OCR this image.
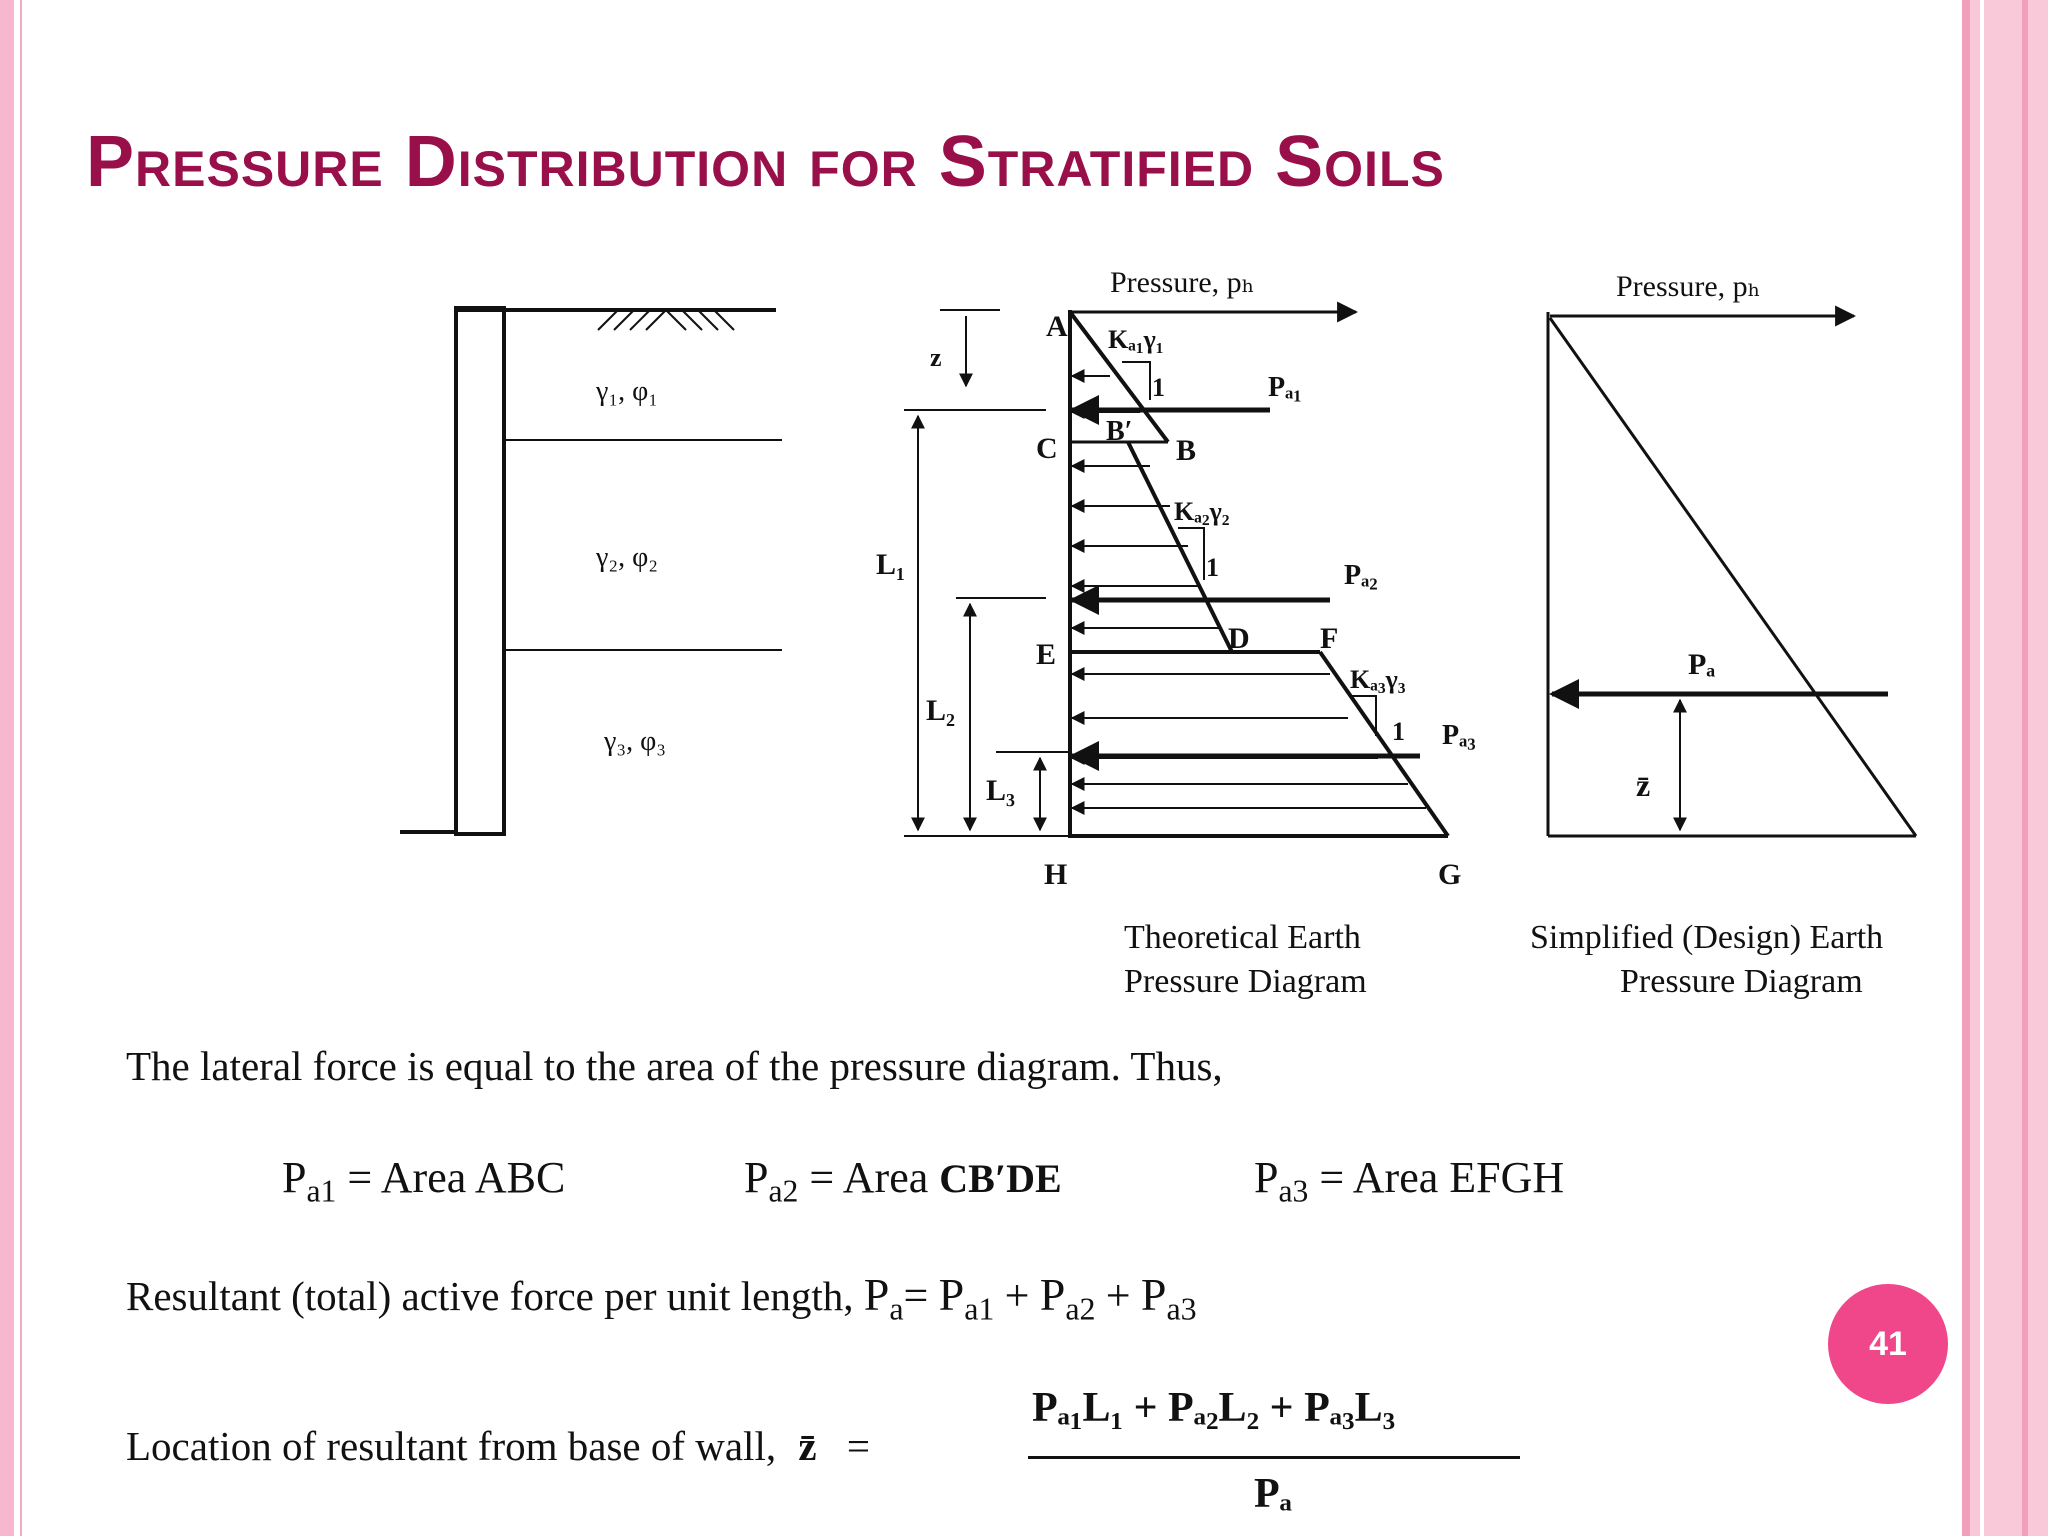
Pressure Distribution for Stratified Soils
γ₁, φ₁
γ₂, φ₂
γ₃, φ₃
Pressure, pₕ
A
B
B′
C
D
E	F
G
H
z
L₁
L₂
L₃
Kₐ₁γ₁
1
Kₐ₂γ₂
1
Kₐ₃γ₃
1
Pₐ₁
Pₐ₂
Pₐ₃
Theoretical Earth
Pressure Diagram
Pressure, pₕ
Pₐ
z̄
Simplified (Design) Earth
Pressure Diagram
The lateral force is equal to the area of the pressure diagram. Thus,
$P_{a1}$ = Area ABC	$P_{a2}$ = Area CB′DE	$P_{a3}$ = Area EFGH
Resultant (total) active force per unit length, $P_a= P_{a1} + P_{a2} + P_{a3}$
Location of resultant from base of wall, z̄ =
Pₐ₁L₁ + Pₐ₂L₂ + Pₐ₃L₃
Pₐ
41
